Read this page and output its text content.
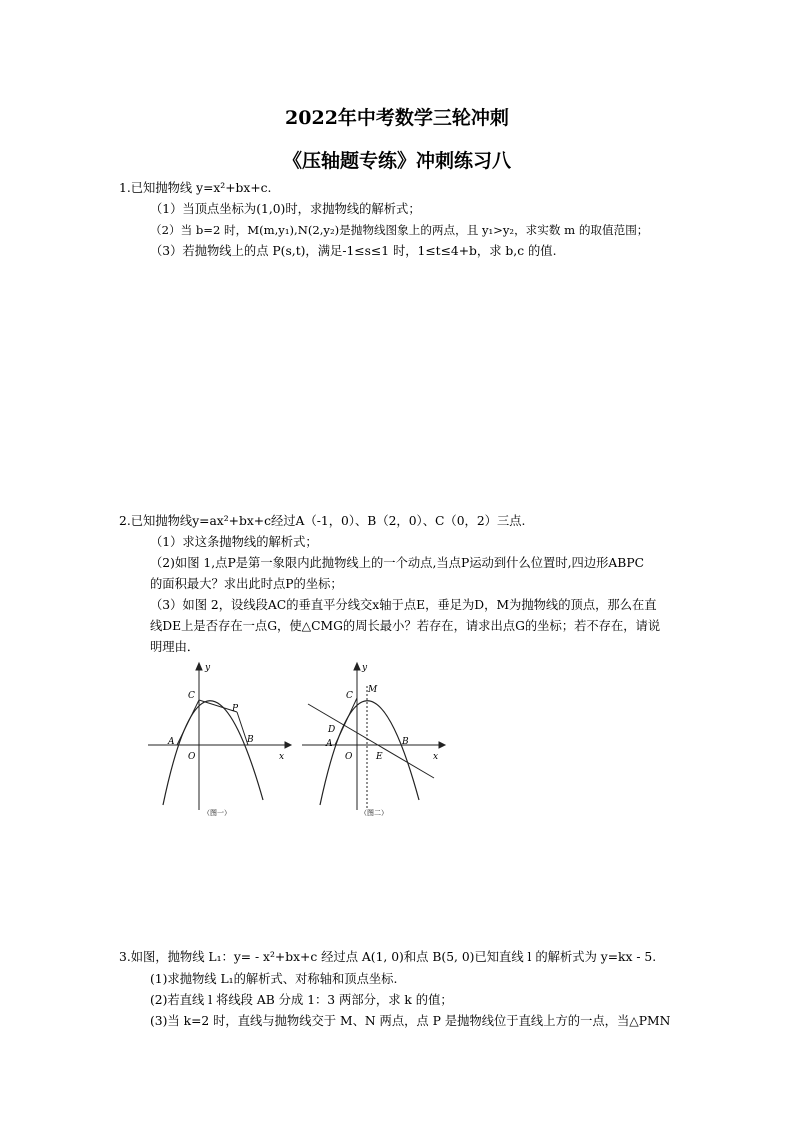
2022年中考数学三轮冲刺
《压轴题专练》冲刺练习八
1.已知抛物线 y=x²+bx+c.
（1）当顶点坐标为(1,0)时，求抛物线的解析式；
（2）当 b=2 时，M(m,y₁),N(2,y₂)是抛物线图象上的两点，且 y₁>y₂，求实数 m 的取值范围；
（3）若抛物线上的点 P(s,t)，满足-1≤s≤1 时，1≤t≤4+b，求 b,c 的值.
2.已知抛物线y=ax²+bx+c经过A（-1，0）、B（2，0）、C（0，2）三点.
（1）求这条抛物线的解析式；
（2)如图 1,点P是第一象限内此抛物线上的一个动点,当点P运动到什么位置时,四边形ABPC
的面积最大？求出此时点P的坐标；
（3）如图 2，设线段AC的垂直平分线交x轴于点E，垂足为D，M为抛物线的顶点，那么在直
线DE上是否存在一点G，使△CMG的周长最小？若存在，请求出点G的坐标；若不存在，请说
明理由．
y
x
C
P
A
O
B
（图一）
y
x
C
M
D
A
O	E
B
（图二）
3.如图，抛物线 L₁：y= - x²+bx+c 经过点 A(1, 0)和点 B(5, 0)已知直线 l 的解析式为 y=kx - 5.
(1)求抛物线 L₁的解析式、对称轴和顶点坐标.
(2)若直线 l 将线段 AB 分成 1：3 两部分，求 k 的值；
(3)当 k=2 时，直线与抛物线交于 M、N 两点，点 P 是抛物线位于直线上方的一点，当△PMN
